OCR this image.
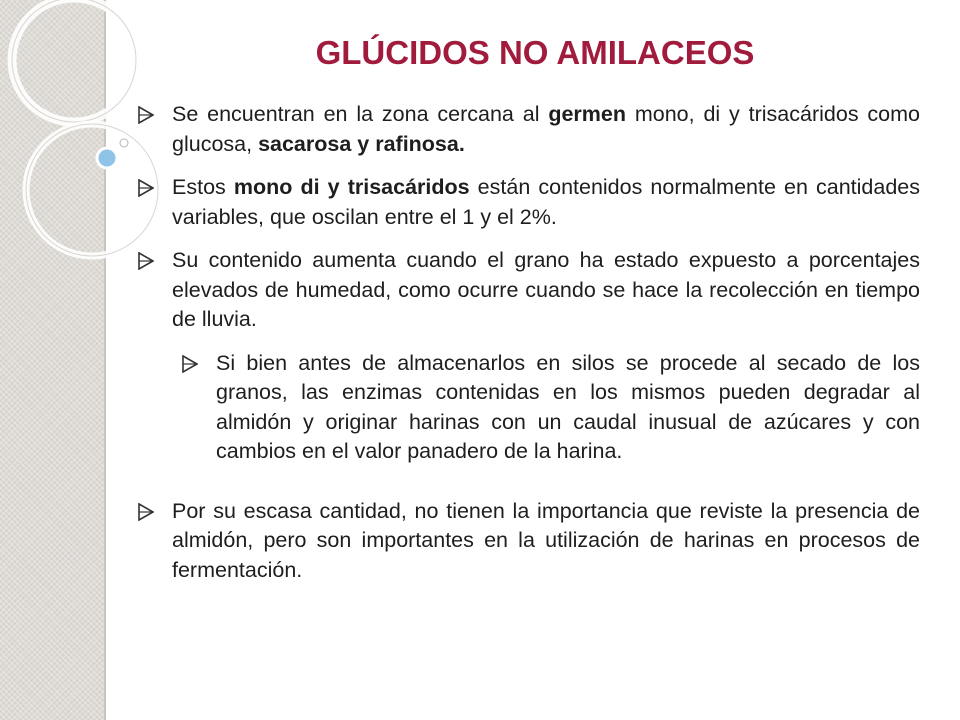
GLÚCIDOS NO AMILACEOS
Se encuentran en la zona cercana al germen mono, di y trisacáridos como glucosa, sacarosa y rafinosa.
Estos mono di y trisacáridos están contenidos normalmente en cantidades variables, que oscilan entre el 1 y el 2%.
Su contenido aumenta cuando el grano ha estado expuesto a porcentajes elevados de humedad, como ocurre cuando se hace la recolección en tiempo de lluvia.
Si bien antes de almacenarlos en silos se procede al secado de los granos, las enzimas contenidas en los mismos pueden degradar al almidón y originar harinas con un caudal inusual de azúcares y con cambios en el valor panadero de la harina.
Por su escasa cantidad, no tienen la importancia que reviste la presencia de almidón, pero son importantes en la utilización de harinas en procesos de fermentación.
